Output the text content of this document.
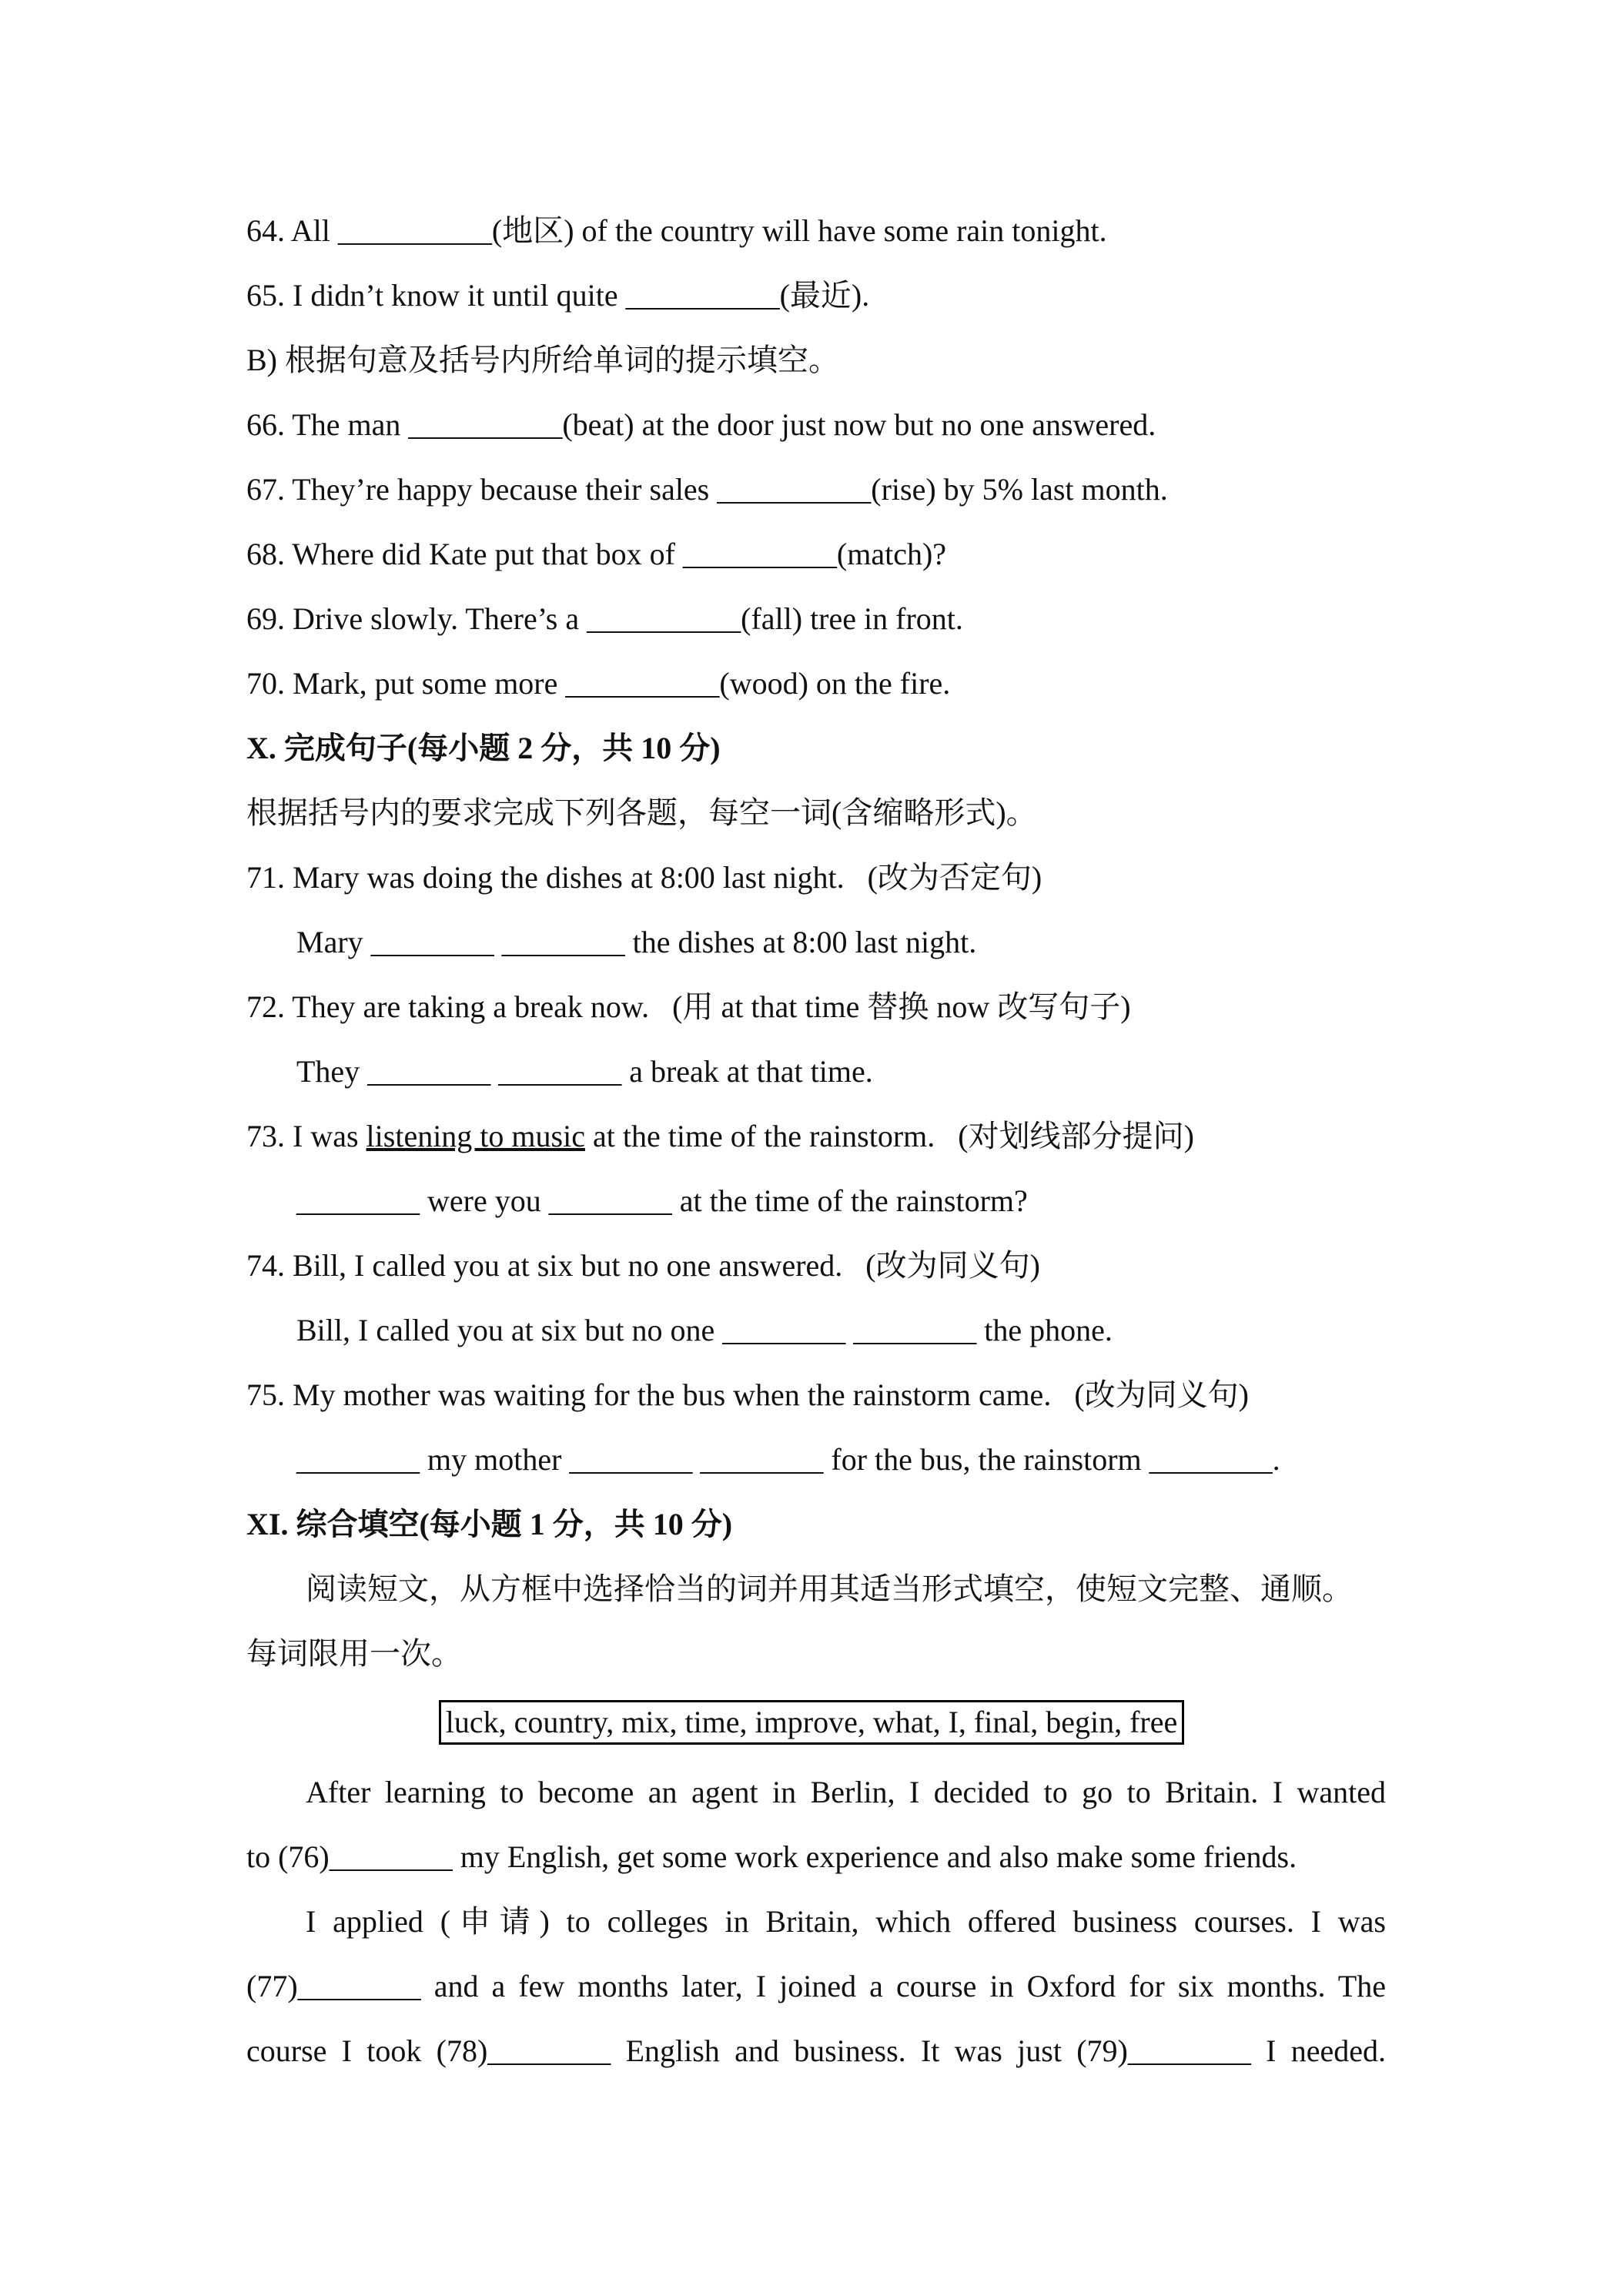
64. All __________(地区) of the country will have some rain tonight.
65. I didn’t know it until quite __________(最近).
B) 根据句意及括号内所给单词的提示填空。
66. The man __________(beat) at the door just now but no one answered.
67. They’re happy because their sales __________(rise) by 5% last month.
68. Where did Kate put that box of __________(match)?
69. Drive slowly. There’s a __________(fall) tree in front.
70. Mark, put some more __________(wood) on the fire.
X. 完成句子(每小题 2 分，共 10 分)
根据括号内的要求完成下列各题，每空一词(含缩略形式)。
71. Mary was doing the dishes at 8:00 last night.   (改为否定句)
Mary ________ ________ the dishes at 8:00 last night.
72. They are taking a break now.   (用 at that time 替换 now 改写句子)
They ________ ________ a break at that time.
73. I was listening to music at the time of the rainstorm.   (对划线部分提问)
________ were you ________ at the time of the rainstorm?
74. Bill, I called you at six but no one answered.   (改为同义句)
Bill, I called you at six but no one ________ ________ the phone.
75. My mother was waiting for the bus when the rainstorm came.   (改为同义句)
________ my mother ________ ________ for the bus, the rainstorm ________.
XI. 综合填空(每小题 1 分，共 10 分)
阅读短文，从方框中选择恰当的词并用其适当形式填空，使短文完整、通顺。
每词限用一次。
luck, country, mix, time, improve, what, I, final, begin, free
After learning to become an agent in Berlin, I decided to go to Britain. I wanted
to (76)________ my English, get some work experience and also make some friends.
I applied (申请) to colleges in Britain, which offered business courses. I was
(77)________ and a few months later, I joined a course in Oxford for six months. The
course I took (78)________ English and business. It was just (79)________ I needed.
